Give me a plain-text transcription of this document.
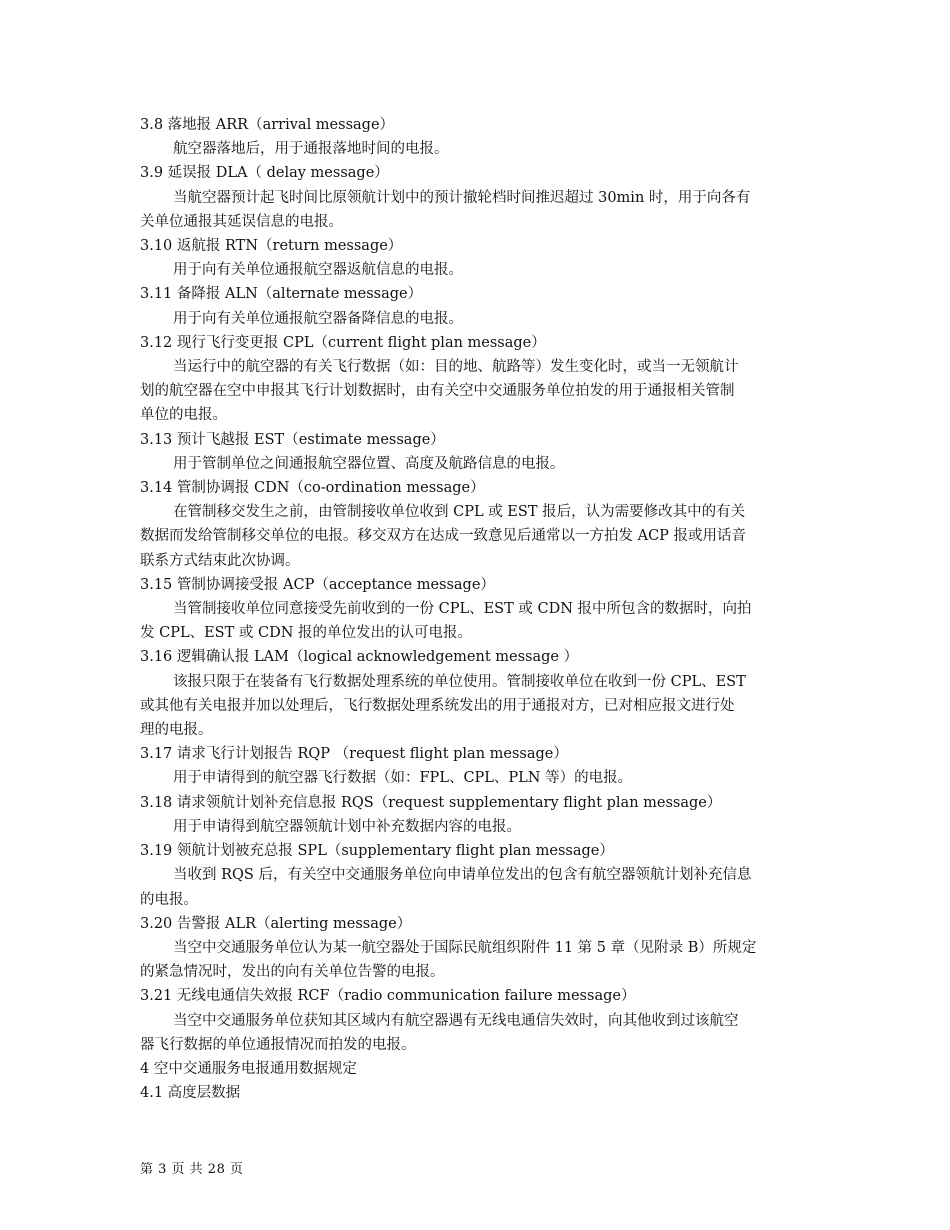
3.8 落地报 ARR（arrival message）
航空器落地后，用于通报落地时间的电报。
3.9 延误报 DLA（ delay message）
当航空器预计起飞时间比原领航计划中的预计撤轮档时间推迟超过 30min 时，用于向各有
关单位通报其延误信息的电报。
3.10 返航报 RTN（return message）
用于向有关单位通报航空器返航信息的电报。
3.11 备降报 ALN（alternate message）
用于向有关单位通报航空器备降信息的电报。
3.12 现行飞行变更报 CPL（current flight plan message）
当运行中的航空器的有关飞行数据（如：目的地、航路等）发生变化时，或当一无领航计
划的航空器在空中申报其飞行计划数据时，由有关空中交通服务单位拍发的用于通报相关管制
单位的电报。
3.13 预计飞越报 EST（estimate message）
用于管制单位之间通报航空器位置、高度及航路信息的电报。
3.14 管制协调报 CDN（co-ordination message）
在管制移交发生之前，由管制接收单位收到 CPL 或 EST 报后，认为需要修改其中的有关
数据而发给管制移交单位的电报。移交双方在达成一致意见后通常以一方拍发 ACP 报或用话音
联系方式结束此次协调。
3.15 管制协调接受报 ACP（acceptance message）
当管制接收单位同意接受先前收到的一份 CPL、EST 或 CDN 报中所包含的数据时，向拍
发 CPL、EST 或 CDN 报的单位发出的认可电报。
3.16 逻辑确认报 LAM（logical acknowledgement message ）
该报只限于在装备有飞行数据处理系统的单位使用。管制接收单位在收到一份 CPL、EST
或其他有关电报并加以处理后，飞行数据处理系统发出的用于通报对方，已对相应报文进行处
理的电报。
3.17 请求飞行计划报告 RQP （request flight plan message）
用于申请得到的航空器飞行数据（如：FPL、CPL、PLN 等）的电报。
3.18 请求领航计划补充信息报 RQS（request supplementary flight plan message）
用于申请得到航空器领航计划中补充数据内容的电报。
3.19 领航计划被充总报 SPL（supplementary flight plan message）
当收到 RQS 后，有关空中交通服务单位向申请单位发出的包含有航空器领航计划补充信息
的电报。
3.20 告警报 ALR（alerting message）
当空中交通服务单位认为某一航空器处于国际民航组织附件 11 第 5 章（见附录 B）所规定
的紧急情况时，发出的向有关单位告警的电报。
3.21 无线电通信失效报 RCF（radio communication failure message）
当空中交通服务单位获知其区域内有航空器遇有无线电通信失效时，向其他收到过该航空
器飞行数据的单位通报情况而拍发的电报。
4 空中交通服务电报通用数据规定
4.1 高度层数据
第 3 页 共 28 页
